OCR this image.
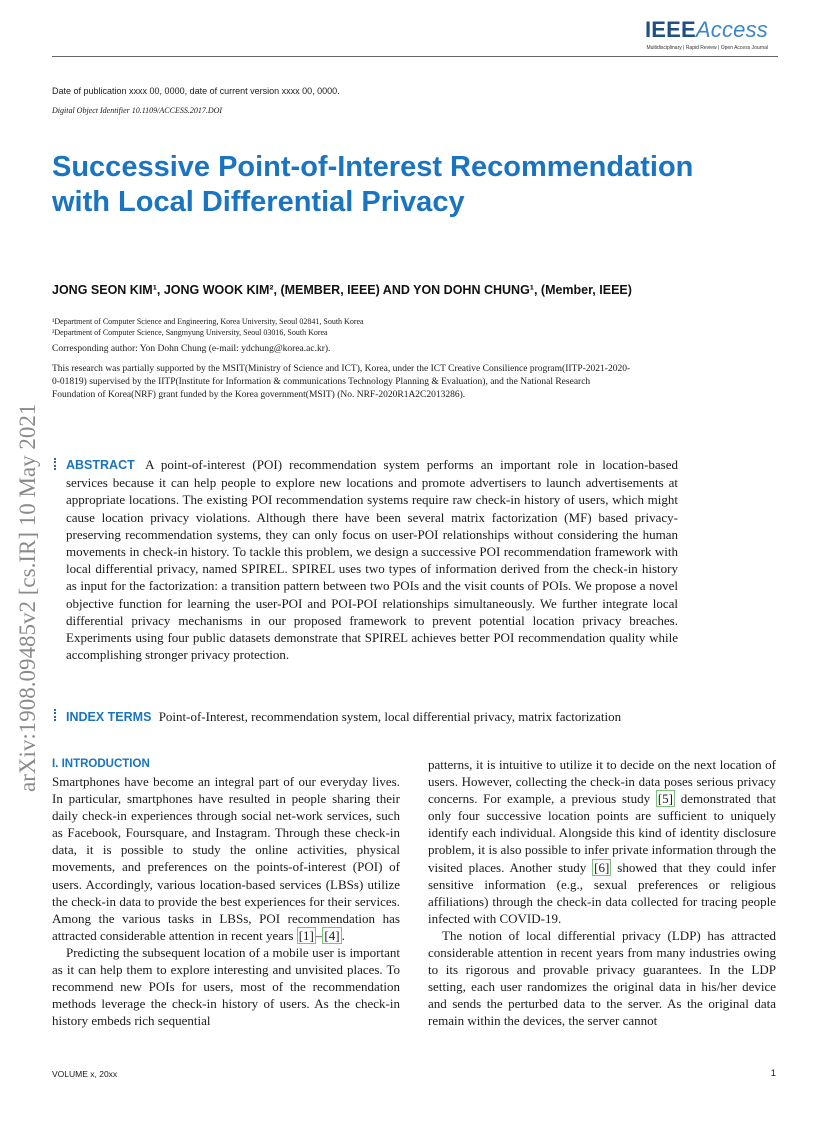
IEEEAccess
Multidisciplinary | Rapid Review | Open Access Journal
Date of publication xxxx 00, 0000, date of current version xxxx 00, 0000.
Digital Object Identifier 10.1109/ACCESS.2017.DOI
Successive Point-of-Interest Recommendation with Local Differential Privacy
JONG SEON KIM¹, JONG WOOK KIM², (MEMBER, IEEE) AND YON DOHN CHUNG¹, (Member, IEEE)
¹Department of Computer Science and Engineering, Korea University, Seoul 02841, South Korea
²Department of Computer Science, Sangmyung University, Seoul 03016, South Korea
Corresponding author: Yon Dohn Chung (e-mail: ydchung@korea.ac.kr).
This research was partially supported by the MSIT(Ministry of Science and ICT), Korea, under the ICT Creative Consilience program(IITP-2021-2020-0-01819) supervised by the IITP(Institute for Information & communications Technology Planning & Evaluation), and the National Research Foundation of Korea(NRF) grant funded by the Korea government(MSIT) (No. NRF-2020R1A2C2013286).
arXiv:1908.09485v2 [cs.IR] 10 May 2021 ABSTRACT A point-of-interest (POI) recommendation system performs an important role in location-based services because it can help people to explore new locations and promote advertisers to launch advertisements at appropriate locations. The existing POI recommendation systems require raw check-in history of users, which might cause location privacy violations. Although there have been several matrix factorization (MF) based privacy-preserving recommendation systems, they can only focus on user-POI relationships without considering the human movements in check-in history. To tackle this problem, we design a successive POI recommendation framework with local differential privacy, named SPIREL. SPIREL uses two types of information derived from the check-in history as input for the factorization: a transition pattern between two POIs and the visit counts of POIs. We propose a novel objective function for learning the user-POI and POI-POI relationships simultaneously. We further integrate local differential privacy mechanisms in our proposed framework to prevent potential location privacy breaches. Experiments using four public datasets demonstrate that SPIREL achieves better POI recommendation quality while accomplishing stronger privacy protection.
INDEX TERMS Point-of-Interest, recommendation system, local differential privacy, matrix factorization
I. INTRODUCTION

Smartphones have become an integral part of our everyday lives. In particular, smartphones have resulted in people sharing their daily check-in experiences through social net-work services, such as Facebook, Foursquare, and Instagram. Through these check-in data, it is possible to study the online activities, physical movements, and preferences on the points-of-interest (POI) of users. Accordingly, various location-based services (LBSs) utilize the check-in data to provide the best experiences for their services. Among the various tasks in LBSs, POI recommendation has attracted considerable attention in recent years [1] – [4] .

Predicting the subsequent location of a mobile user is important as it can help them to explore interesting and unvisited places. To recommend new POIs for users, most of the recommendation methods leverage the check-in history of users. As the check-in history embeds rich sequential

patterns, it is intuitive to utilize it to decide on the next location of users. However, collecting the check-in data poses serious privacy concerns. For example, a previous study [5] demonstrated that only four successive location points are sufficient to uniquely identify each individual. Alongside this kind of identity disclosure problem, it is also possible to infer private information through the visited places. Another study [6] showed that they could infer sensitive information (e.g., sexual preferences or religious affiliations) through the check-in data collected for tracing people infected with COVID-19.

The notion of local differential privacy (LDP) has attracted considerable attention in recent years from many industries owing to its rigorous and provable privacy guarantees. In the LDP setting, each user randomizes the original data in his/her device and sends the perturbed data to the server. As the original data remain within the devices, the server cannot

VOLUME x, 20xx	1
